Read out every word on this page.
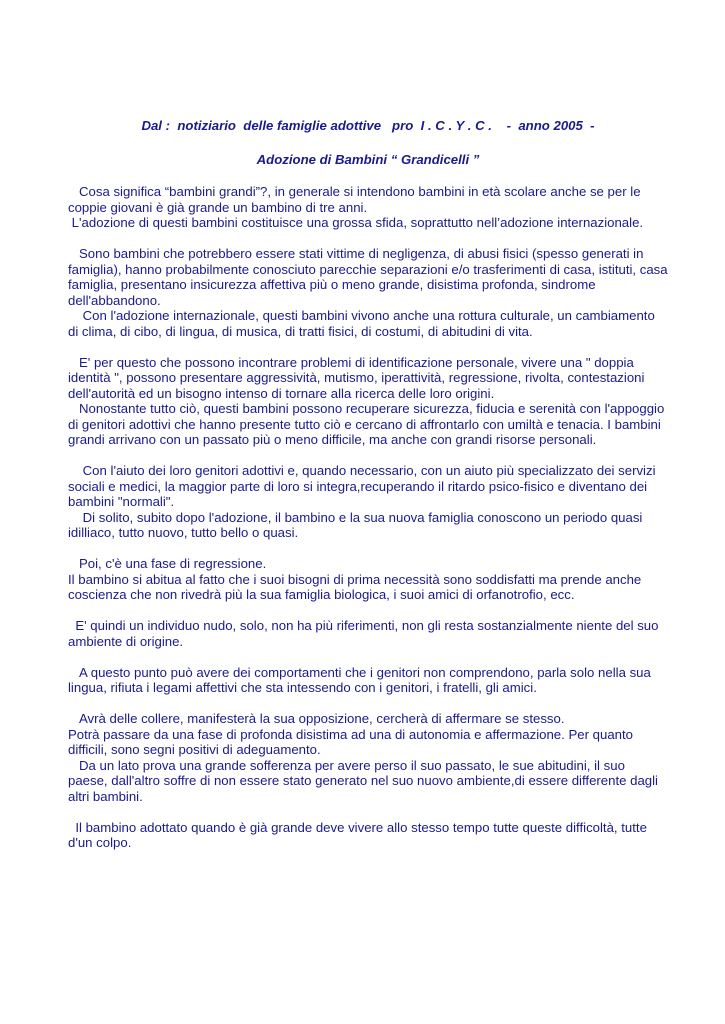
Dal :  notiziario  delle famiglie adottive   pro  I . C . Y . C .    -  anno 2005  -

Adozione di Bambini “ Grandicelli ”

Cosa significa “bambini grandi”?, in generale si intendono bambini in età scolare anche se per le coppie giovani è già grande un bambino di tre anni.

L'adozione di questi bambini costituisce una grossa sfida, soprattutto nell’adozione internazionale.

Sono bambini che potrebbero essere stati vittime di negligenza, di abusi fisici (spesso generati in famiglia), hanno probabilmente conosciuto parecchie separazioni e/o trasferimenti di casa, istituti, casa famiglia, presentano insicurezza affettiva più o meno grande, disistima profonda, sindrome dell'abbandono.

Con l'adozione internazionale, questi bambini vivono anche una rottura culturale, un cambiamento di clima, di cibo, di lingua, di musica, di tratti fisici, di costumi, di abitudini di vita.

E' per questo che possono incontrare problemi di identificazione personale, vivere una " doppia identità ", possono presentare aggressività, mutismo, iperattività, regressione, rivolta, contestazioni dell'autorità ed un bisogno intenso di tornare alla ricerca delle loro origini.

Nonostante tutto ciò, questi bambini possono recuperare sicurezza, fiducia e serenità con l'appoggio di genitori adottivi che hanno presente tutto ciò e cercano di affrontarlo con umiltà e tenacia. I bambini grandi arrivano con un passato più o meno difficile, ma anche con grandi risorse personali.

Con l'aiuto dei loro genitori adottivi e, quando necessario, con un aiuto più specializzato dei servizi sociali e medici, la maggior parte di loro si integra,recuperando il ritardo psico-fisico e diventano dei bambini "normali".

Di solito, subito dopo l'adozione, il bambino e la sua nuova famiglia conoscono un periodo quasi idilliaco, tutto nuovo, tutto bello o quasi.

Poi, c'è una fase di regressione.

Il bambino si abitua al fatto che i suoi bisogni di prima necessità sono soddisfatti ma prende anche coscienza che non rivedrà più la sua famiglia biologica, i suoi amici di orfanotrofio, ecc.

E' quindi un individuo nudo, solo, non ha più riferimenti, non gli resta sostanzialmente niente del suo ambiente di origine.

A questo punto può avere dei comportamenti che i genitori non comprendono, parla solo nella sua lingua, rifiuta i legami affettivi che sta intessendo con i genitori, i fratelli, gli amici.

Avrà delle collere, manifesterà la sua opposizione, cercherà di affermare se stesso.

Potrà passare da una fase di profonda disistima ad una di autonomia e affermazione. Per quanto difficili, sono segni positivi di adeguamento.

Da un lato prova una grande sofferenza per avere perso il suo passato, le sue abitudini, il suo paese, dall'altro soffre di non essere stato generato nel suo nuovo ambiente,di essere differente dagli altri bambini.

Il bambino adottato quando è già grande deve vivere allo stesso tempo tutte queste difficoltà, tutte d'un colpo.
